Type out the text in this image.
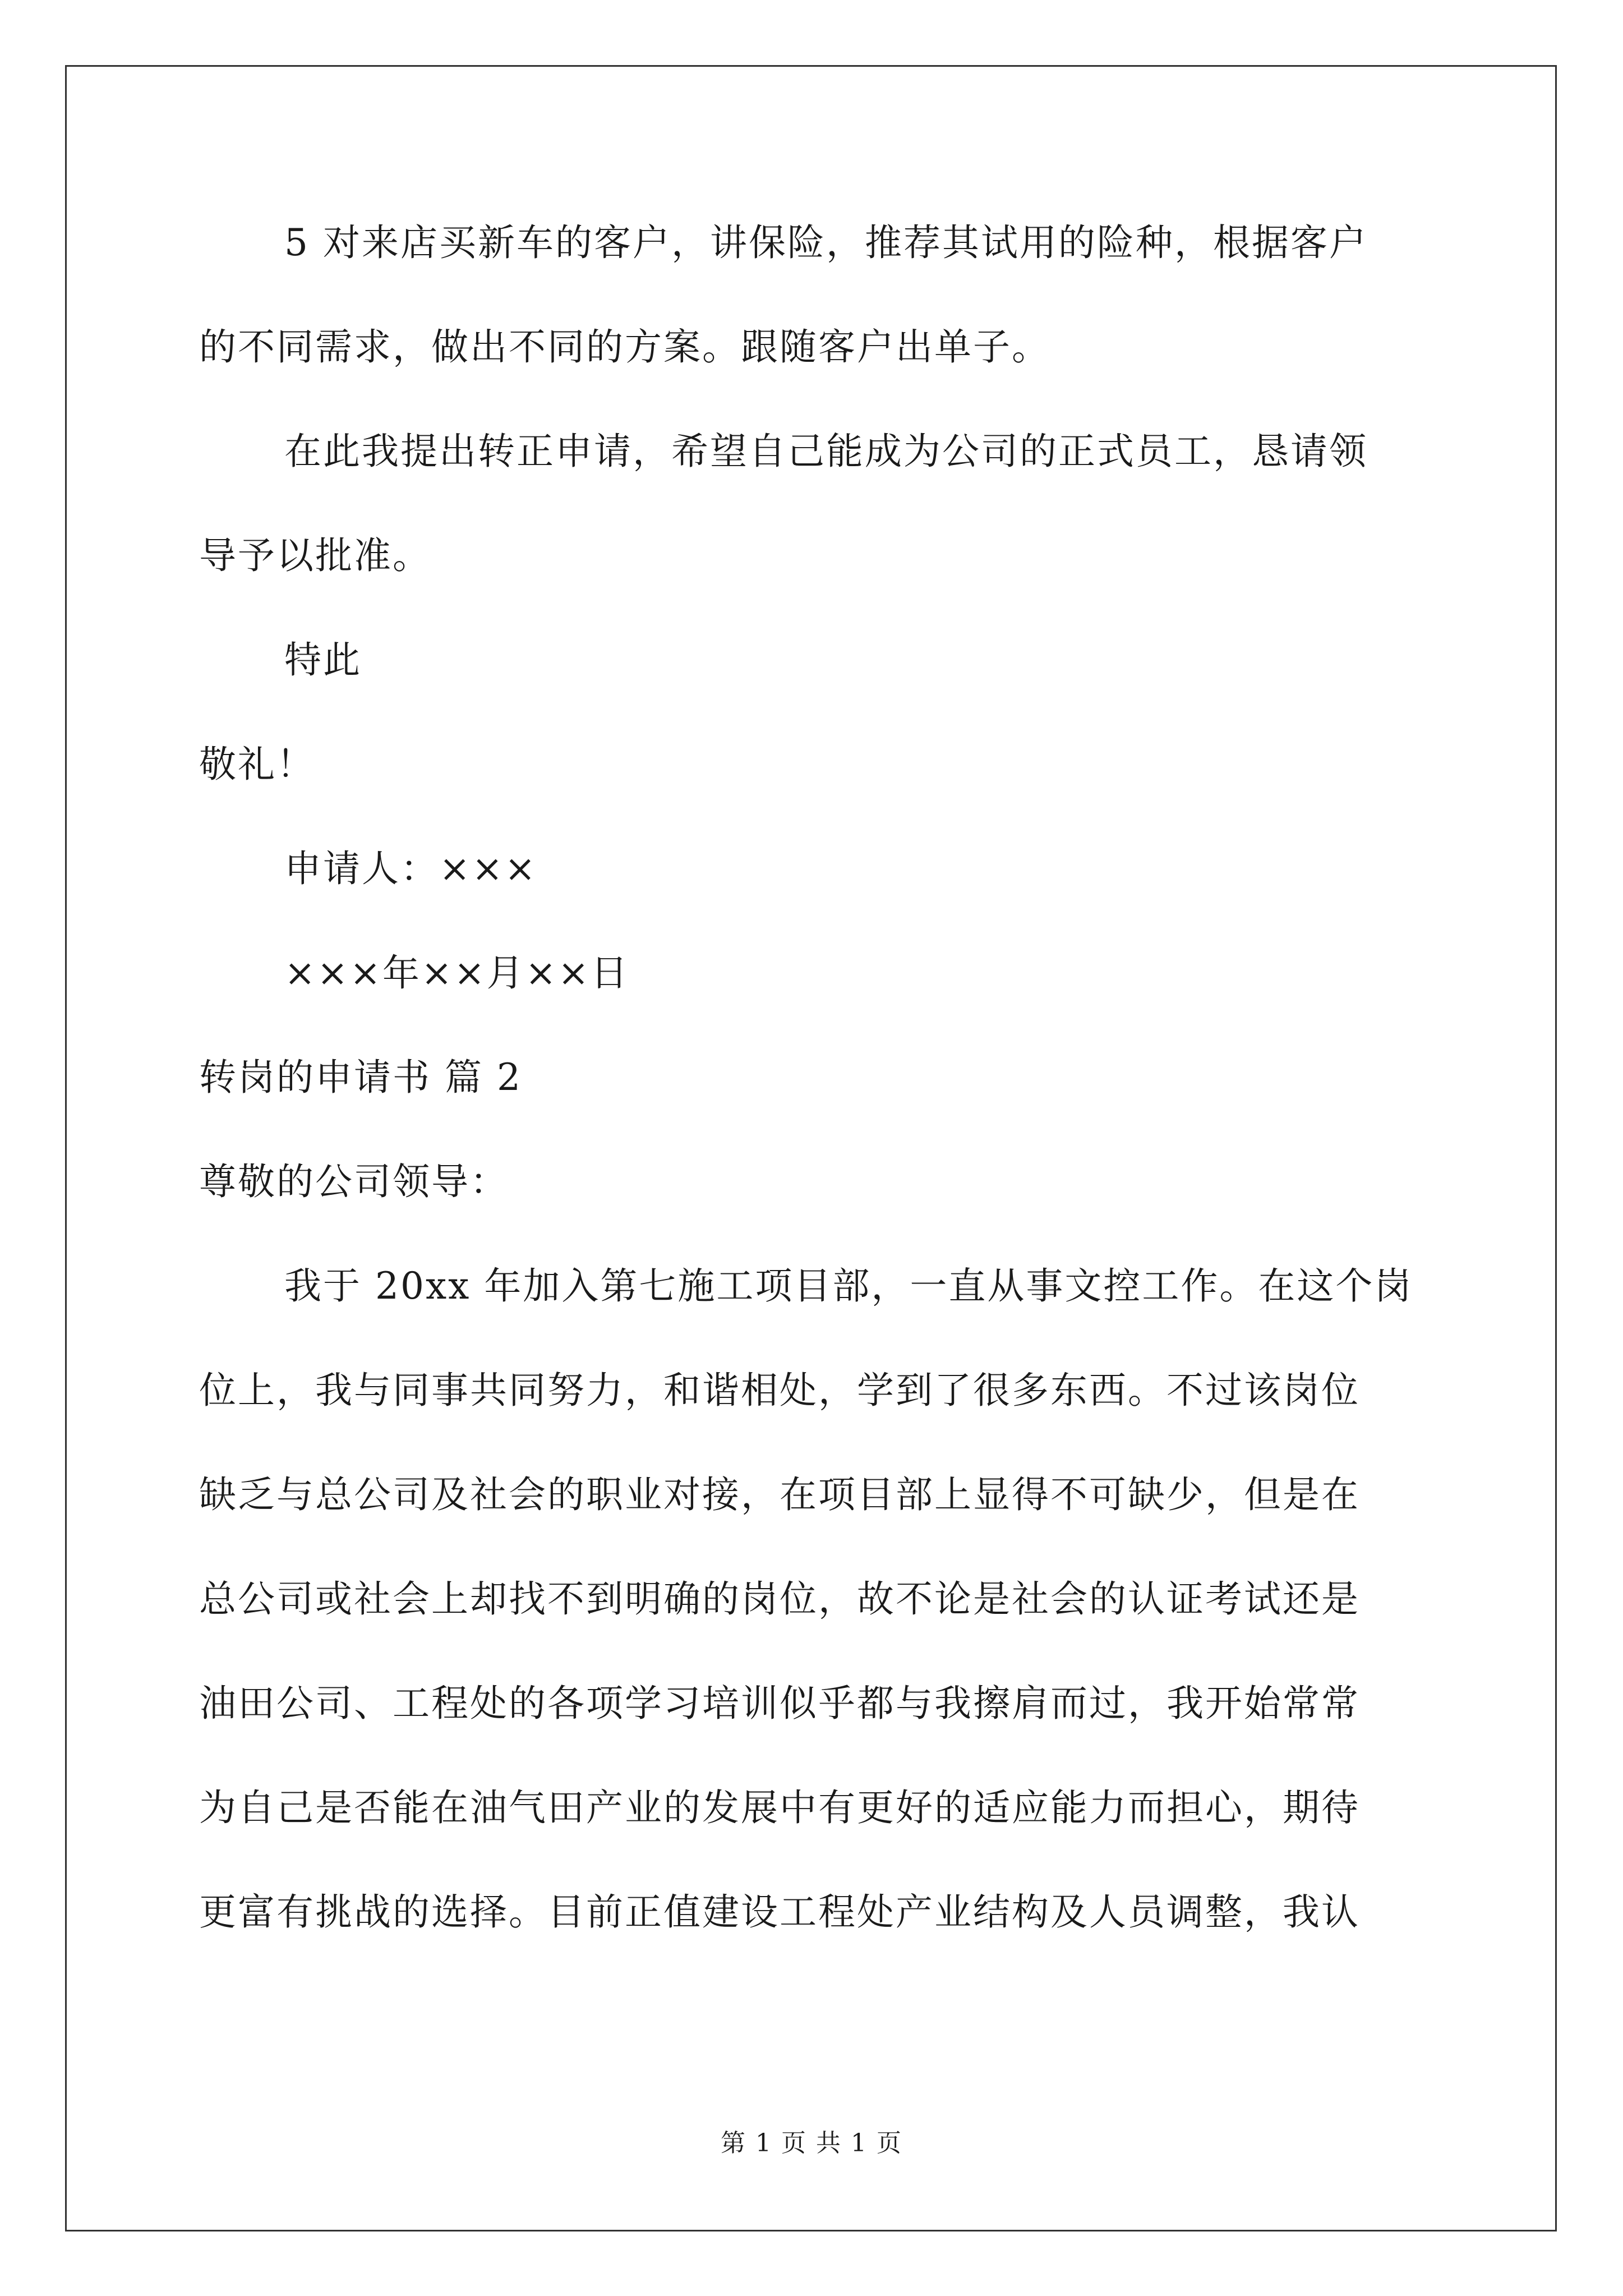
5 对来店买新车的客户，讲保险，推荐其试用的险种，根据客户
的不同需求，做出不同的方案。跟随客户出单子。
在此我提出转正申请，希望自己能成为公司的正式员工，恳请领
导予以批准。
特此
敬礼！
申请人：×××
×××年××月××日
转岗的申请书 篇 2
尊敬的公司领导：
我于 20xx 年加入第七施工项目部，一直从事文控工作。在这个岗
位上，我与同事共同努力，和谐相处，学到了很多东西。不过该岗位
缺乏与总公司及社会的职业对接，在项目部上显得不可缺少，但是在
总公司或社会上却找不到明确的岗位，故不论是社会的认证考试还是
油田公司、工程处的各项学习培训似乎都与我擦肩而过，我开始常常
为自己是否能在油气田产业的发展中有更好的适应能力而担心，期待
更富有挑战的选择。目前正值建设工程处产业结构及人员调整，我认
第 1 页 共 1 页
